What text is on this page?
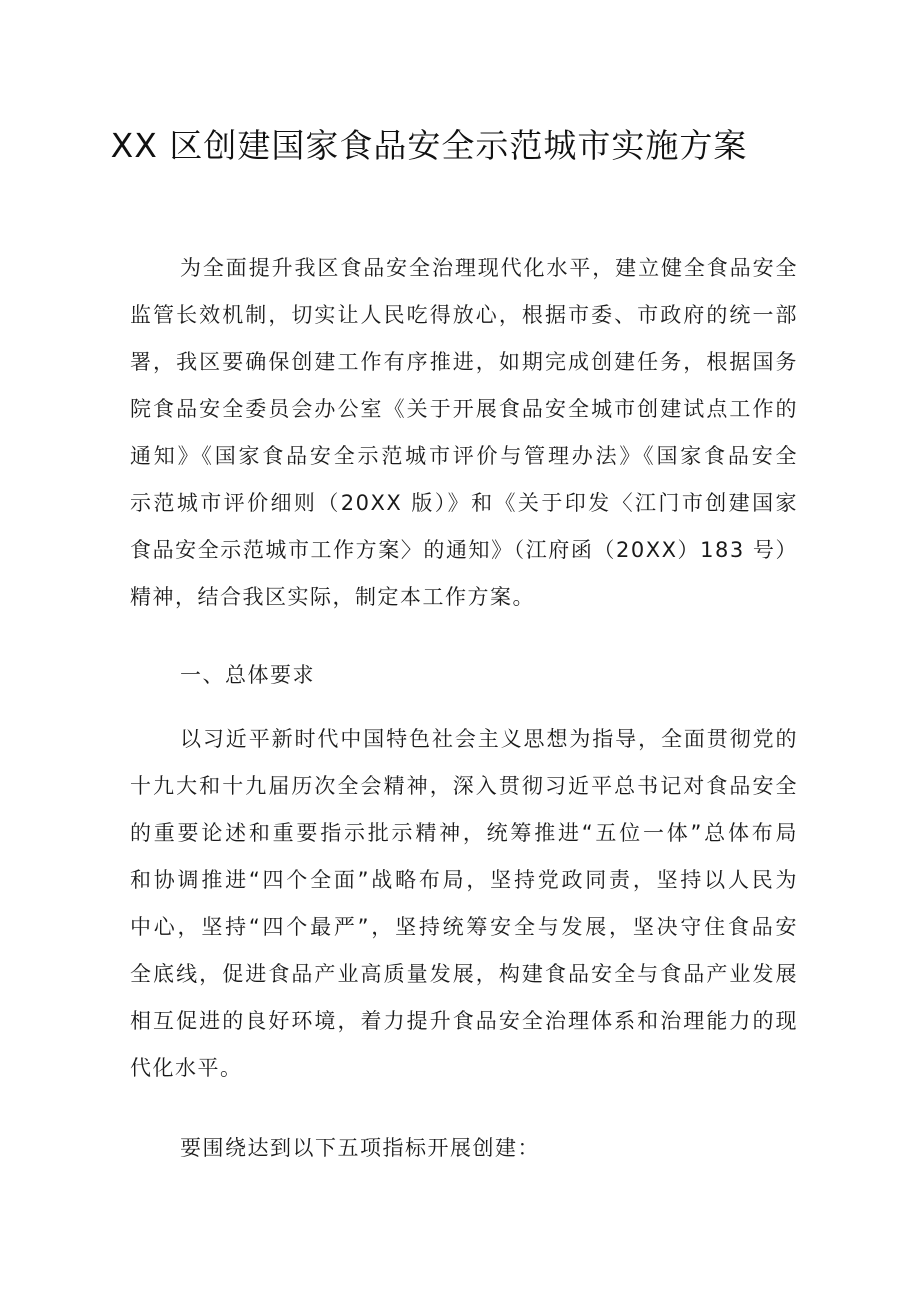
XX 区创建国家食品安全示范城市实施方案
为全面提升我区食品安全治理现代化水平，建立健全食品安全
监管长效机制，切实让人民吃得放心，根据市委、市政府的统一部
署，我区要确保创建工作有序推进，如期完成创建任务，根据国务
院食品安全委员会办公室《关于开展食品安全城市创建试点工作的
通知》《国家食品安全示范城市评价与管理办法》《国家食品安全
示范城市评价细则（20XX 版）》和《关于印发〈江门市创建国家
食品安全示范城市工作方案〉的通知》（江府函（20XX）183 号）
精神，结合我区实际，制定本工作方案。
一、总体要求
以习近平新时代中国特色社会主义思想为指导，全面贯彻党的
十九大和十九届历次全会精神，深入贯彻习近平总书记对食品安全
的重要论述和重要指示批示精神，统筹推进“五位一体”总体布局
和协调推进“四个全面”战略布局，坚持党政同责，坚持以人民为
中心，坚持“四个最严”，坚持统筹安全与发展，坚决守住食品安
全底线，促进食品产业高质量发展，构建食品安全与食品产业发展
相互促进的良好环境，着力提升食品安全治理体系和治理能力的现
代化水平。
要围绕达到以下五项指标开展创建：
